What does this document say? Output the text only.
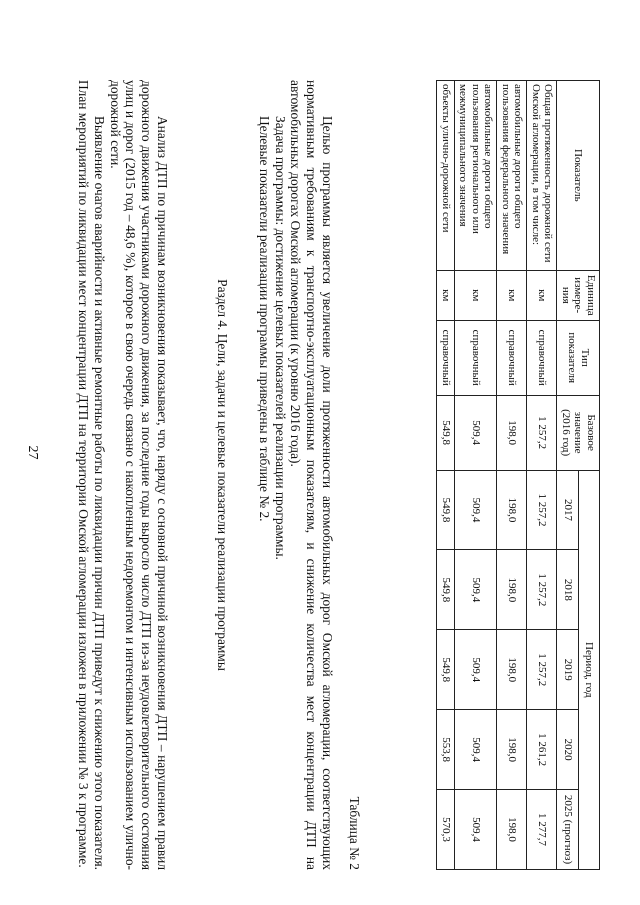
27	Анализ ДТП по причинам возникновения показывает, что, наряду с основной причиной возникновения ДТП – нарушением правил дорожного движения участниками дорожного движения, за последние годы выросло число ДТП из-за неудовлетворительного состояния улиц и дорог (2015 год – 48,6 %), которое в свою очередь связано с накопленным недоремонтом и интенсивным использованием улично-дорожной сети.

Выявление очагов аварийности и активные ремонтные работы по ликвидации причин ДТП приведут к снижению этого показателя. План мероприятий по ликвидации мест концентрации ДТП на территории Омской агломерации изложен в приложении № 3 к программе.	Раздел 4. Цели, задачи и целевые показатели реализации программы	Целью программы является увеличение доли протяженности автомобильных дорог Омской агломерации, соответствующих нормативным требованиям к транспортно-эксплуатационным показателям, и снижение количества мест концентрации ДТП на автомобильных дорогах Омской агломерации (к уровню 2016 года).

Задача программы: достижение целевых показателей реализации программы.

Целевые показатели реализации программы приведены в таблице № 2.

Таблица № 2
Показатель	Единица измере-ния	Тип показателя	Базовое значение (2016 год)	Период, год				
				2017	2018	2019	2020	2025 (прогноз)
Общая протяженность дорожной сети Омской агломерации, в том числе:	км	справочный	1 257,2	1 257,2	1 257,2	1 257,2	1 261,2	1 277,7
автомобильные дороги общего пользования федерального значения	км	справочный	198,0	198,0	198,0	198,0	198,0	198,0
автомобильные дороги общего пользования регионального или межмуниципального значения	км	справочный	509,4	509,4	509,4	509,4	509,4	509,4
объекты улично-дорожной сети	км	справочный	549,8	549,8	549,8	549,8	553,8	570,3
